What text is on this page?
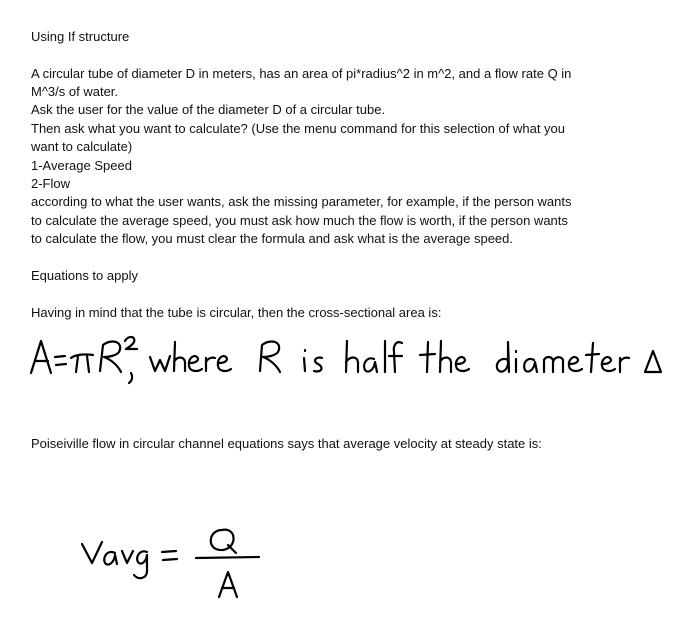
Using If structure
A circular tube of diameter D in meters, has an area of pi*radius^2 in m^2, and a flow rate Q in
M^3/s of water.
Ask the user for the value of the diameter D of a circular tube.
Then ask what you want to calculate? (Use the menu command for this selection of what you
want to calculate)
1-Average Speed
2-Flow
according to what the user wants, ask the missing parameter, for example, if the person wants
to calculate the average speed, you must ask how much the flow is worth, if the person wants
to calculate the flow, you must clear the formula and ask what is the average speed.
Equations to apply
Having in mind that the tube is circular, then the cross-sectional area is:
Poiseiville flow in circular channel equations says that average velocity at steady state is:
